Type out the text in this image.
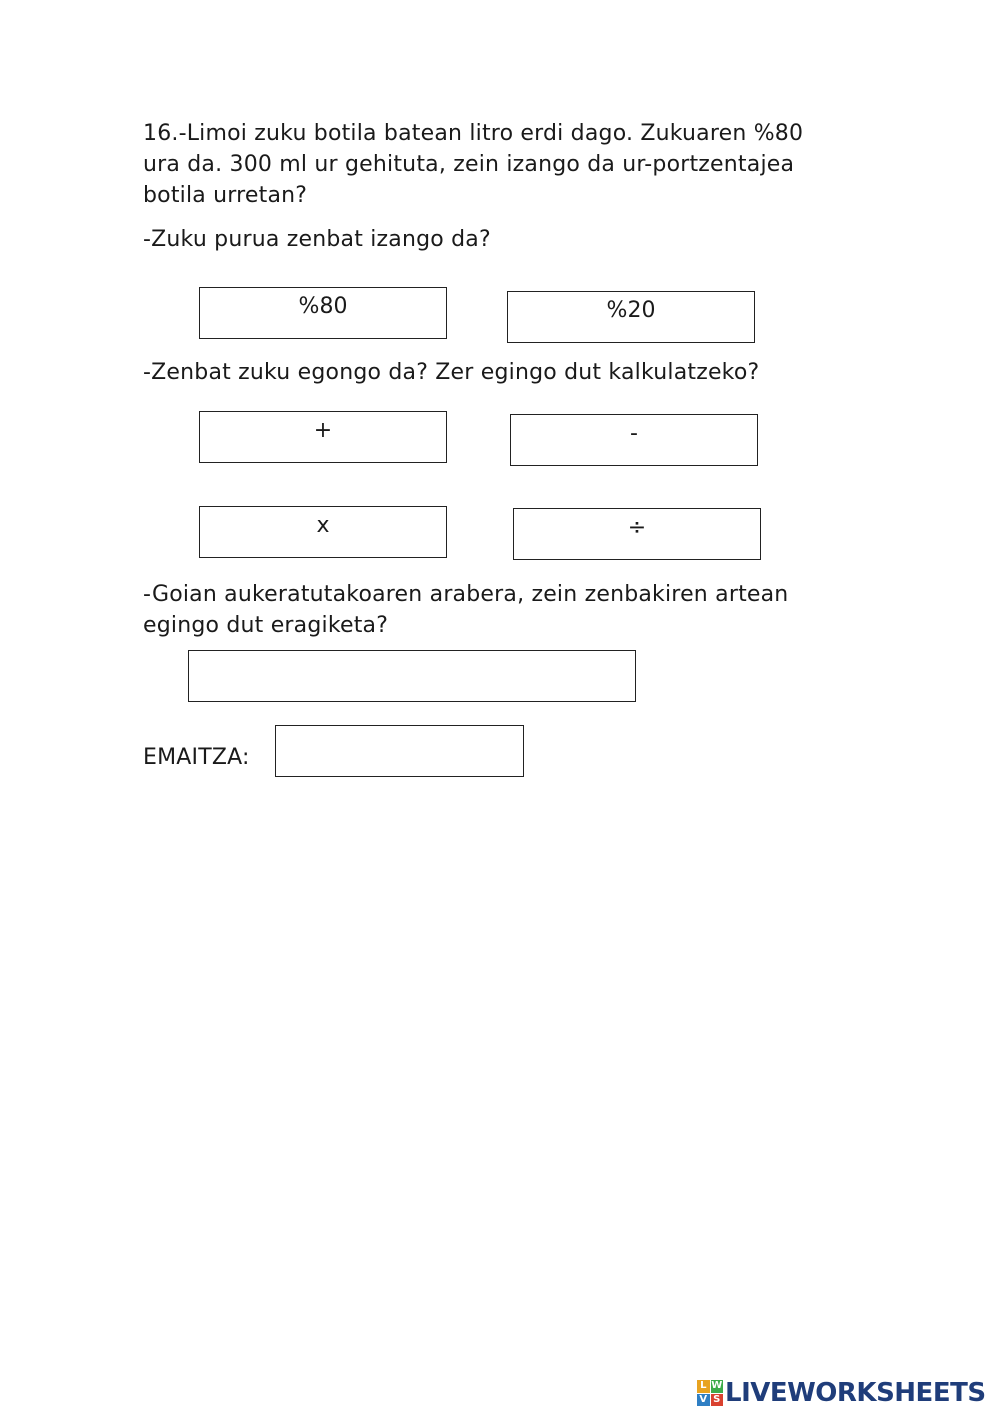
16.-Limoi zuku botila batean litro erdi dago. Zukuaren %80

ura da. 300 ml ur gehituta, zein izango da ur-portzentajea

botila urretan?

-Zuku purua zenbat izango da?

%80	%20

-Zenbat zuku egongo da? Zer egingo dut kalkulatzeko?

+	-
x	÷

-Goian aukeratutakoaren arabera, zein zenbakiren artean

egingo dut eragiketa?

EMAITZA:

L W
V S LIVEWORKSHEETS
